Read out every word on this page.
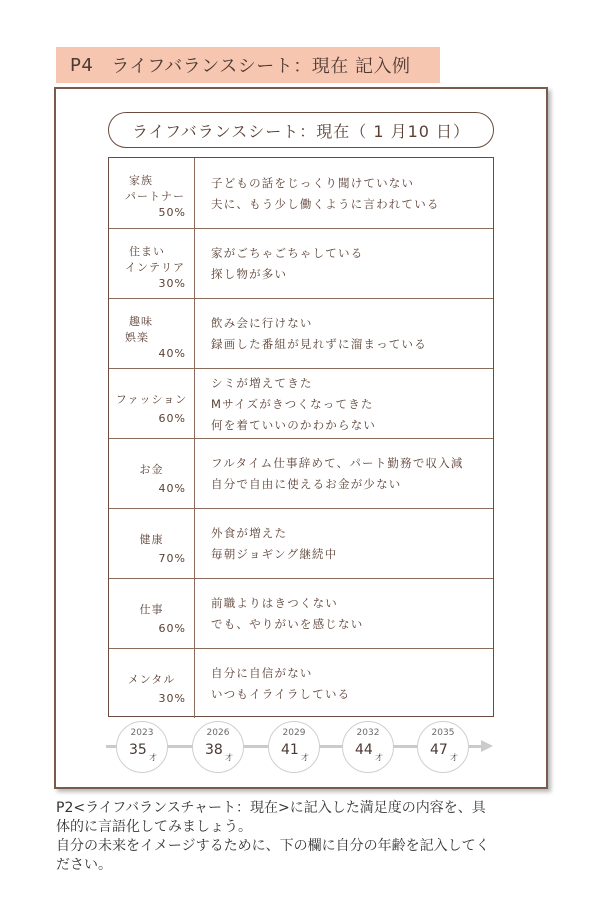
P4 ライフバランスシート：現在 記入例
ライフバランスシート：現在（ 1 月10 日）
家族
パートナー
50%
子どもの話をじっくり聞けていない
夫に、もう少し働くように言われている
住まい
インテリア
30%
家がごちゃごちゃしている
探し物が多い
趣味
娯楽
40%
飲み会に行けない
録画した番組が見れずに溜まっている
ファッション
60%
シミが増えてきた
Mサイズがきつくなってきた
何を着ていいのかわからない
お金
40%
フルタイム仕事辞めて、パート勤務で収入減
自分で自由に使えるお金が少ない
健康
70%
外食が増えた
毎朝ジョギング継続中
仕事
60%
前職よりはきつくない
でも、やりがいを感じない
メンタル
30%
自分に自信がない
いつもイライラしている
2023
35 才
2026
38 才
2029
41 才
2032
44 才
2035
47 才

P2<ライフバランスチャート：現在>に記入した満足度の内容を、具

体的に言語化してみましょう。

自分の未来をイメージするために、下の欄に自分の年齢を記入してく

ださい。
